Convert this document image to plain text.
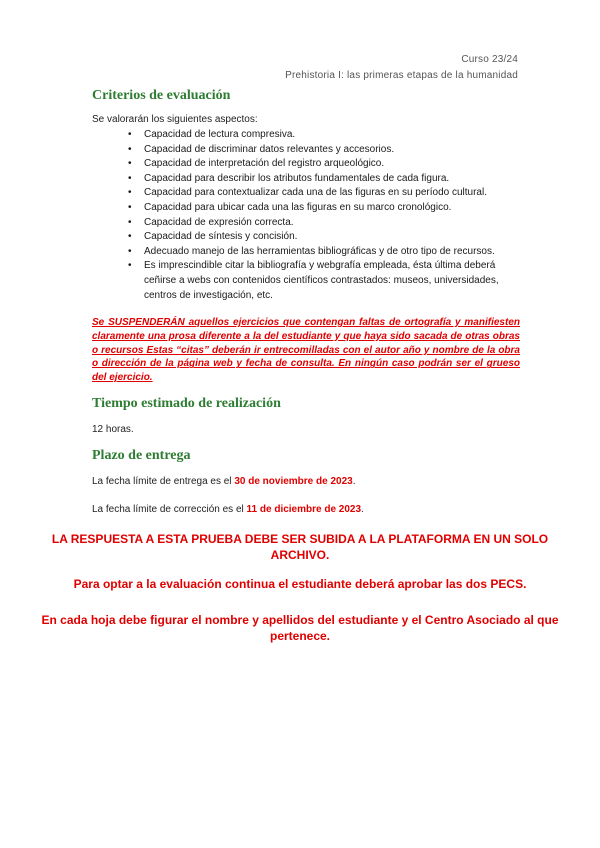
Curso 23/24
Prehistoria I: las primeras etapas de la humanidad
Criterios de evaluación
Se valorarán los siguientes aspectos:
• Capacidad de lectura compresiva.
• Capacidad de discriminar datos relevantes y accesorios.
• Capacidad de interpretación del registro arqueológico.
• Capacidad para describir los atributos fundamentales de cada figura.
• Capacidad para contextualizar cada una de las figuras en su período cultural.
• Capacidad para ubicar cada una las figuras en su marco cronológico.
• Capacidad de expresión correcta.
• Capacidad de síntesis y concisión.
• Adecuado manejo de las herramientas bibliográficas y de otro tipo de recursos.
• Es imprescindible citar la bibliografía y webgrafía empleada, ésta última deberá ceñirse a webs con contenidos científicos contrastados: museos, universidades, centros de investigación, etc.
Se SUSPENDERÁN aquellos ejercicios que contengan faltas de ortografía y manifiesten claramente una prosa diferente a la del estudiante y que haya sido sacada de otras obras o recursos Estas “citas” deberán ir entrecomilladas con el autor año y nombre de la obra o dirección de la página web y fecha de consulta. En ningún caso podrán ser el grueso del ejercicio.
Tiempo estimado de realización
12 horas.
Plazo de entrega
La fecha límite de entrega es el 30 de noviembre de 2023.
La fecha límite de corrección es el 11 de diciembre de 2023.
LA RESPUESTA A ESTA PRUEBA DEBE SER SUBIDA A LA PLATAFORMA EN UN SOLO ARCHIVO.
Para optar a la evaluación continua el estudiante deberá aprobar las dos PECS.
En cada hoja debe figurar el nombre y apellidos del estudiante y el Centro Asociado al que pertenece.
